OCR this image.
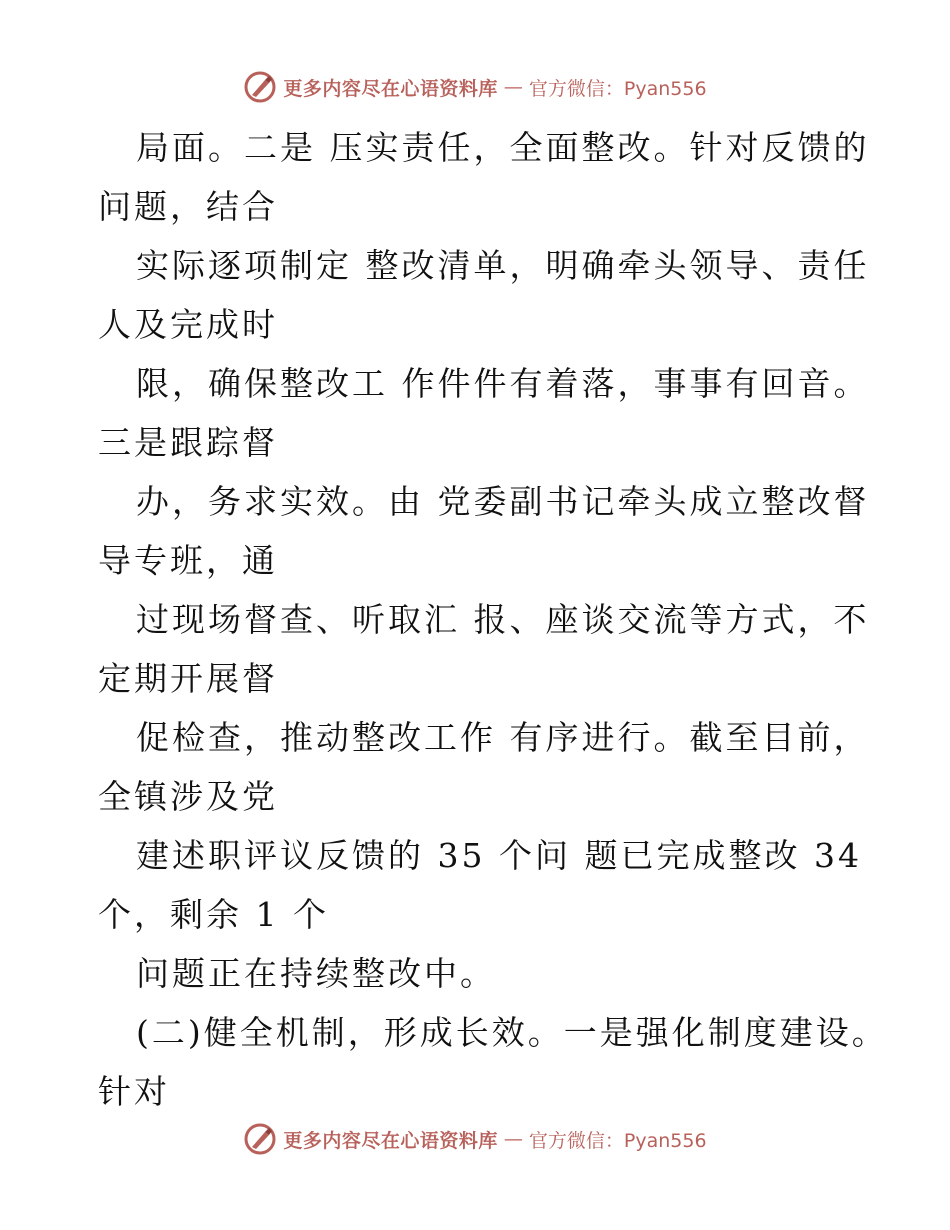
更多内容尽在心语资料库 — 官方微信：Pyan556
局面。二是 压实责任，全面整改。针对反馈的
问题，结合
实际逐项制定 整改清单，明确牵头领导、责任
人及完成时
限，确保整改工 作件件有着落，事事有回音。
三是跟踪督
办，务求实效。由 党委副书记牵头成立整改督
导专班，通
过现场督查、听取汇 报、座谈交流等方式，不
定期开展督
促检查，推动整改工作 有序进行。截至目前，
全镇涉及党
建述职评议反馈的 35 个问 题已完成整改 34
个，剩余 1 个
问题正在持续整改中。
(二)健全机制，形成长效。一是强化制度建设。
针对
更多内容尽在心语资料库 — 官方微信：Pyan556
